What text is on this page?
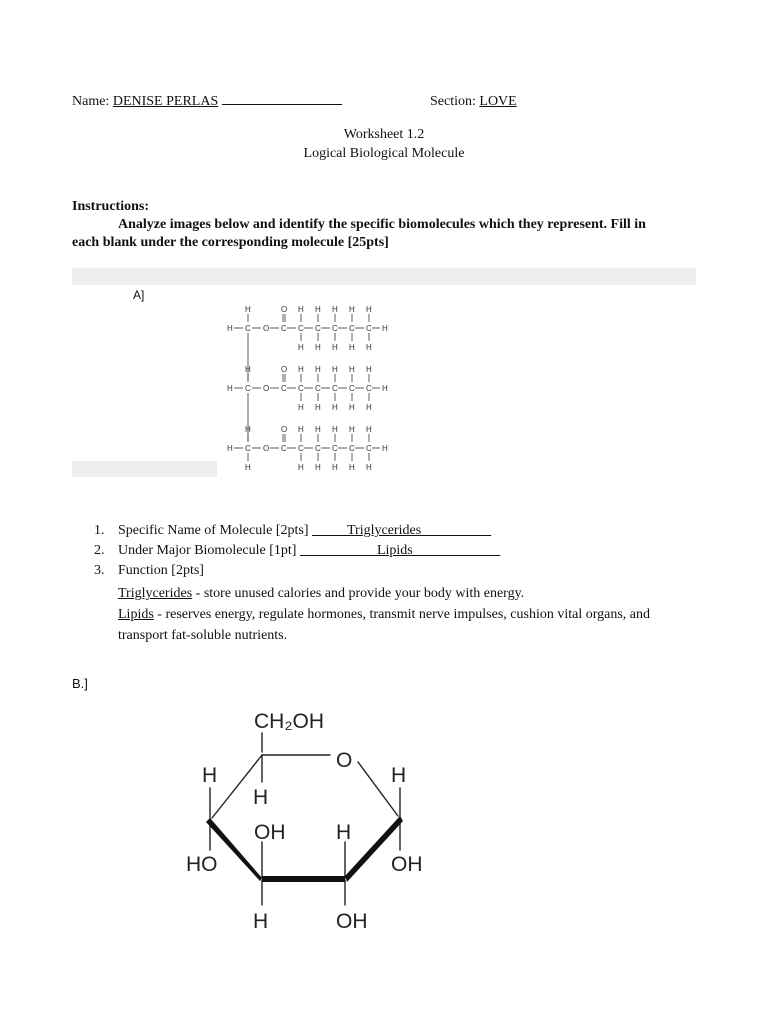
Name: DENISE PERLAS	Section: LOVE
Worksheet 1.2
Logical Biological Molecule
Instructions:
Analyze images below and identify the specific biomolecules which they represent. Fill in
each blank under the corresponding molecule [25pts]
A]
H
H C O C
O
C C C C C H
H H H H H
H H H H H
H
1. Specific Name of Molecule [2pts]	Triglycerides
2. Under Major Biomolecule [1pt]	Lipids
3. Function [2pts]
Triglycerides - store unused calories and provide your body with energy.
Lipids - reserves energy, regulate hormones, transmit nerve impulses, cushion vital organs, and
transport fat-soluble nutrients.
B.]
CH₂OH
O
H	H
H
OH H
HO	OH
H	OH
